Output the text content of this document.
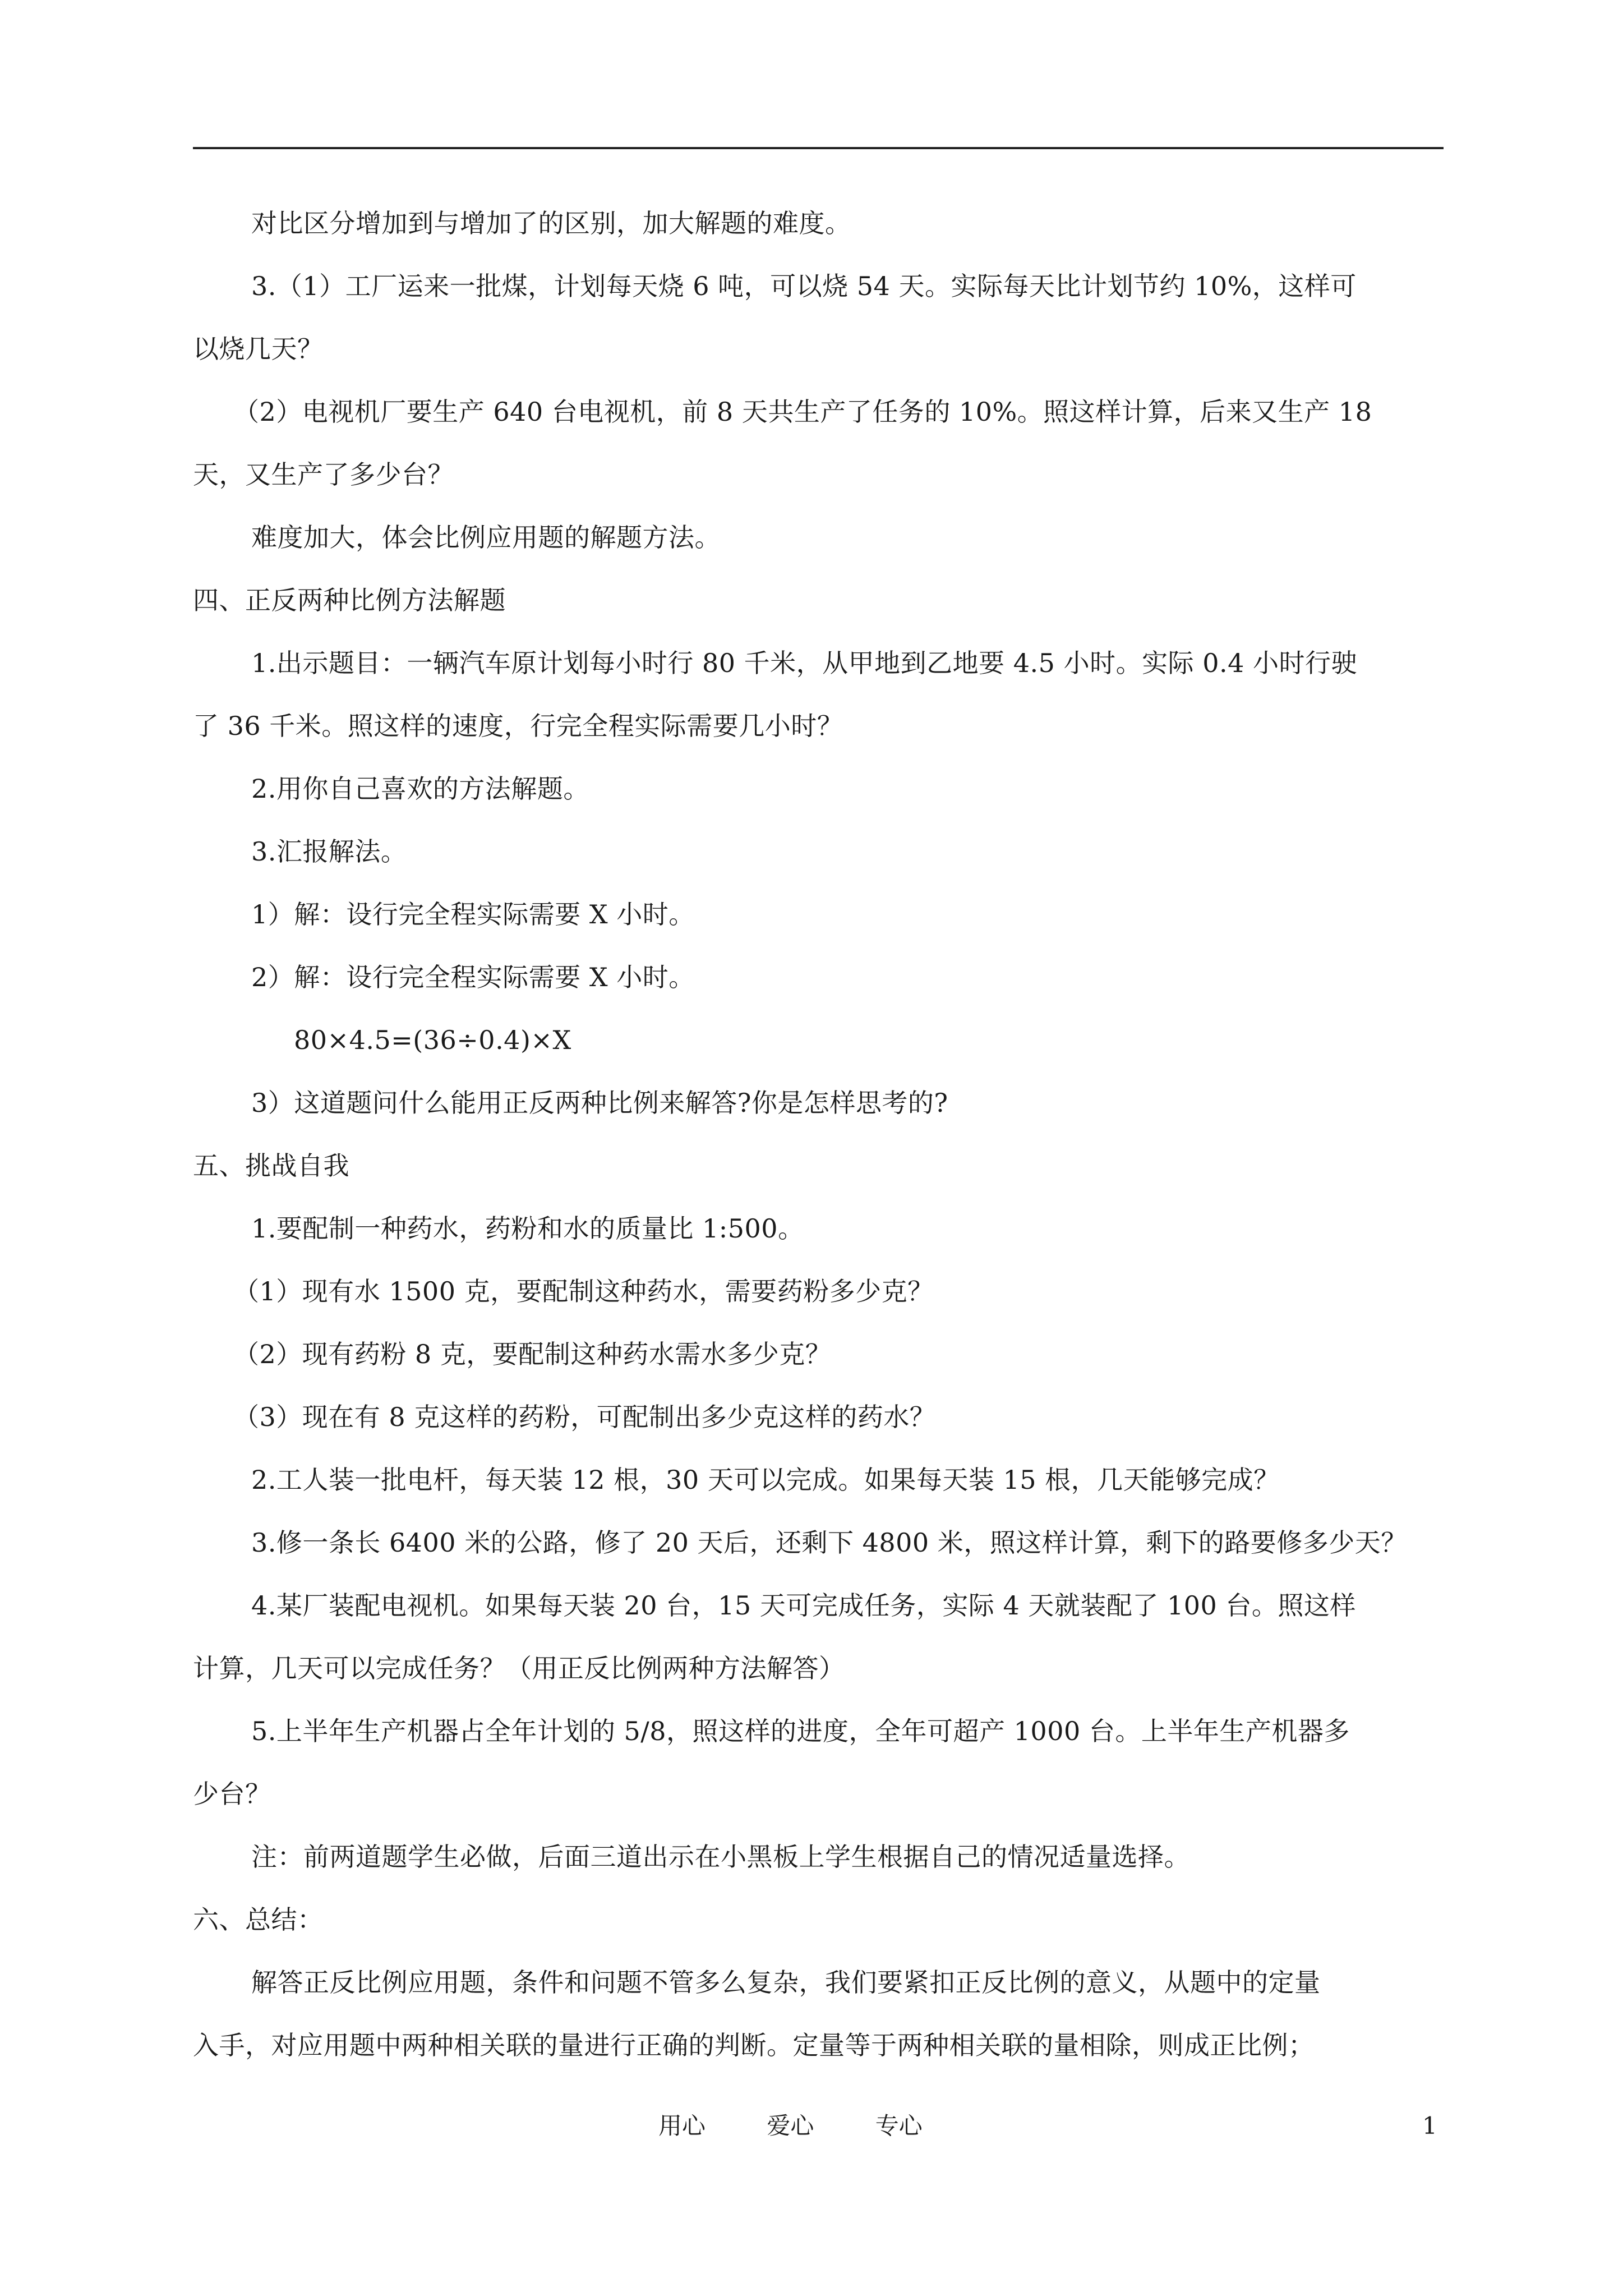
对比区分增加到与增加了的区别，加大解题的难度。
3.（1）工厂运来一批煤，计划每天烧 6 吨，可以烧 54 天。实际每天比计划节约 10%，这样可
以烧几天？
（2）电视机厂要生产 640 台电视机，前 8 天共生产了任务的 10%。照这样计算，后来又生产 18
天，又生产了多少台？
难度加大，体会比例应用题的解题方法。
四、正反两种比例方法解题
1.出示题目：一辆汽车原计划每小时行 80 千米，从甲地到乙地要 4.5 小时。实际 0.4 小时行驶
了 36 千米。照这样的速度，行完全程实际需要几小时？
2.用你自己喜欢的方法解题。
3.汇报解法。
1）解：设行完全程实际需要 X 小时。
2）解：设行完全程实际需要 X 小时。
80×4.5=(36÷0.4)×X
3）这道题问什么能用正反两种比例来解答?你是怎样思考的?
五、挑战自我
1.要配制一种药水，药粉和水的质量比 1:500。
（1）现有水 1500 克，要配制这种药水，需要药粉多少克？
（2）现有药粉 8 克，要配制这种药水需水多少克？
（3）现在有 8 克这样的药粉，可配制出多少克这样的药水？
2.工人装一批电杆，每天装 12 根，30 天可以完成。如果每天装 15 根，几天能够完成？
3.修一条长 6400 米的公路，修了 20 天后，还剩下 4800 米，照这样计算，剩下的路要修多少天？
4.某厂装配电视机。如果每天装 20 台，15 天可完成任务，实际 4 天就装配了 100 台。照这样
计算，几天可以完成任务？（用正反比例两种方法解答）
5.上半年生产机器占全年计划的 5/8，照这样的进度，全年可超产 1000 台。上半年生产机器多
少台？
注：前两道题学生必做，后面三道出示在小黑板上学生根据自己的情况适量选择。
六、总结：
解答正反比例应用题，条件和问题不管多么复杂，我们要紧扣正反比例的意义，从题中的定量
入手，对应用题中两种相关联的量进行正确的判断。定量等于两种相关联的量相除，则成正比例；
用心	爱心	专心	1
